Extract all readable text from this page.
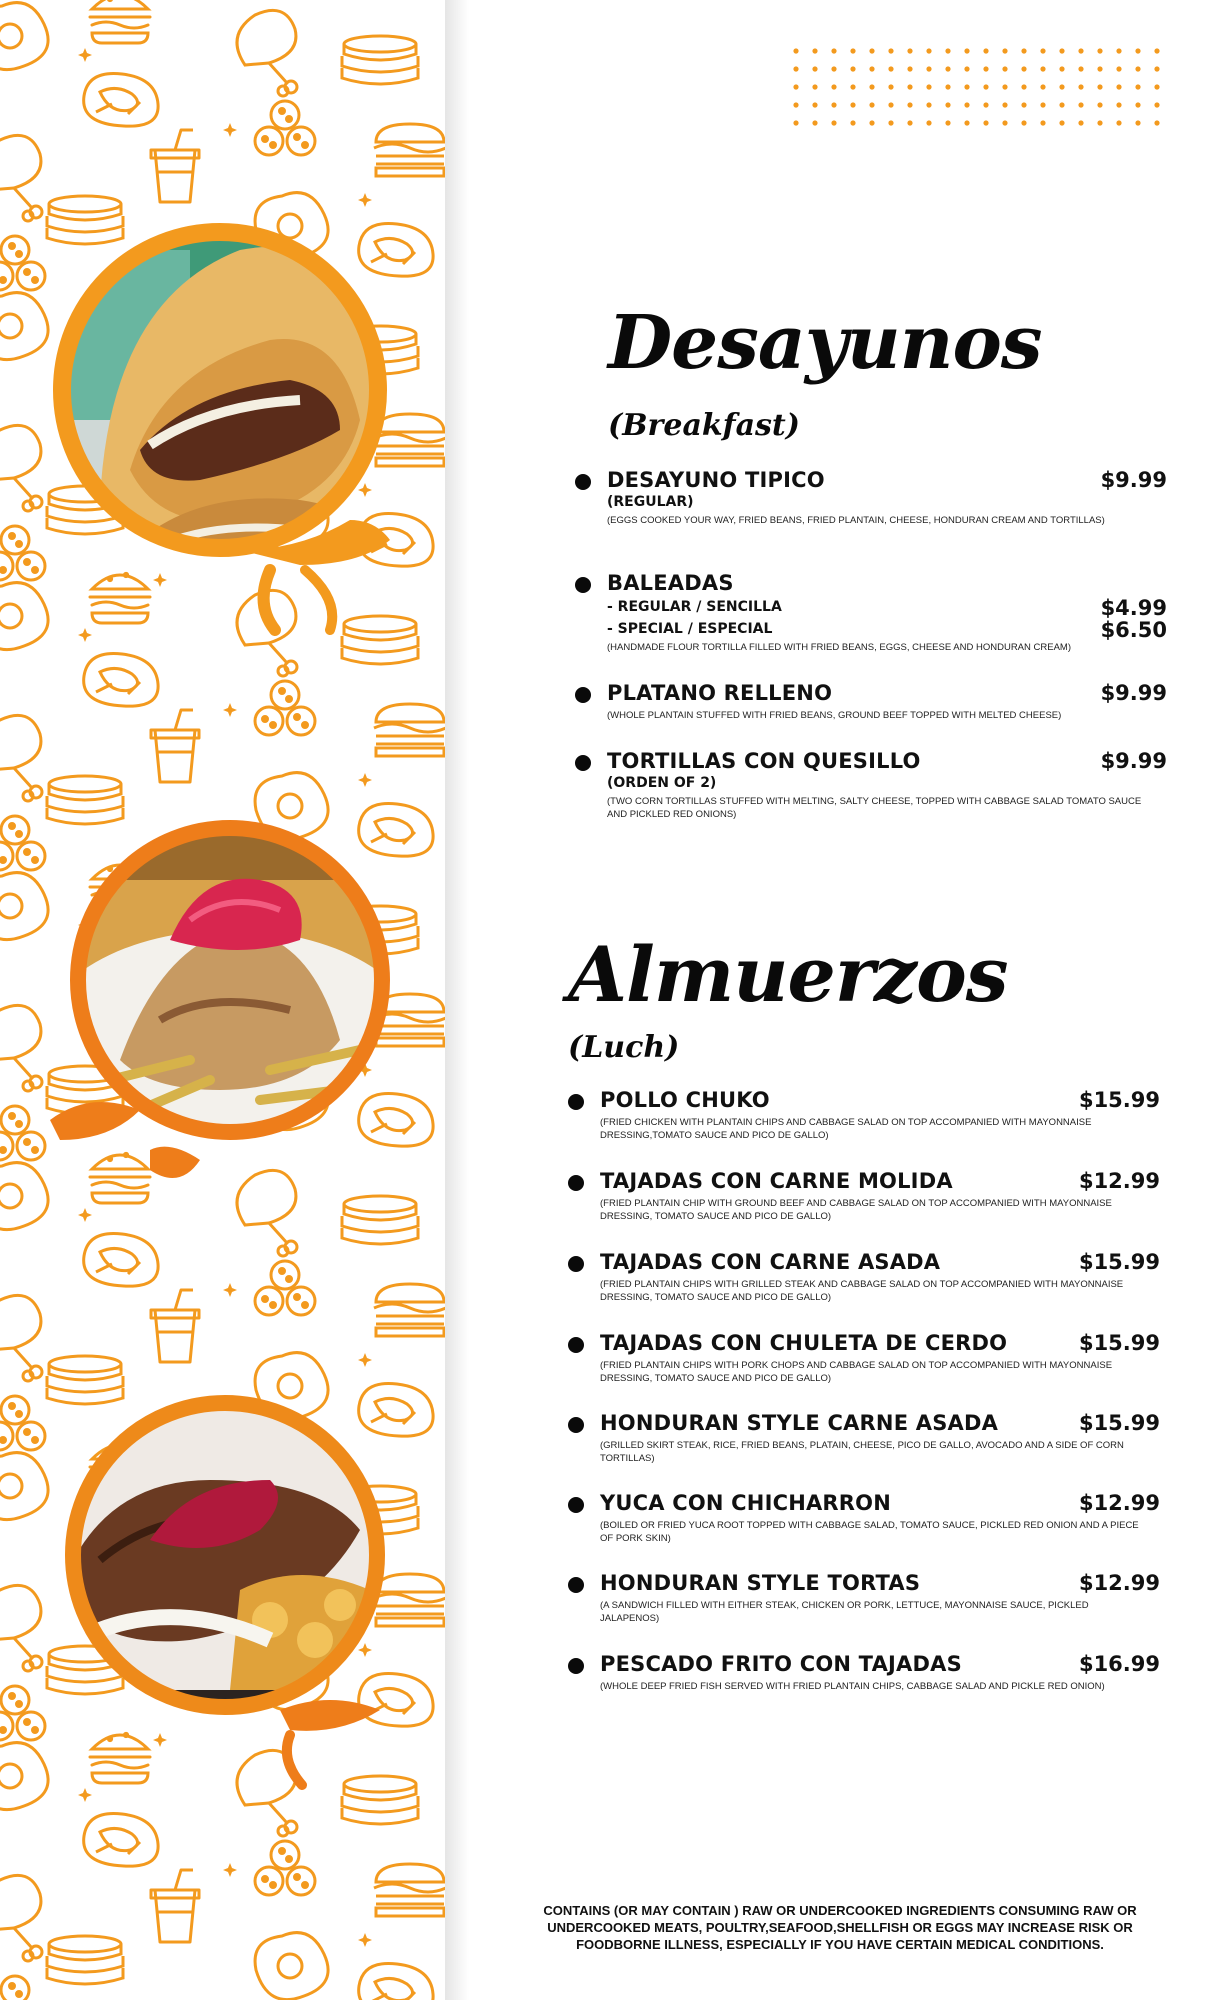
Desayunos
(Breakfast)
DESAYUNO TIPICO	$9.99
(REGULAR)
(EGGS COOKED YOUR WAY, FRIED BEANS, FRIED PLANTAIN, CHEESE, HONDURAN CREAM AND TORTILLAS)
BALEADAS
- REGULAR / SENCILLA	$4.99
- SPECIAL / ESPECIAL	$6.50
(HANDMADE FLOUR TORTILLA FILLED WITH FRIED BEANS, EGGS, CHEESE AND HONDURAN CREAM)
PLATANO RELLENO	$9.99
(WHOLE PLANTAIN STUFFED WITH FRIED BEANS, GROUND BEEF TOPPED WITH MELTED CHEESE)
TORTILLAS CON QUESILLO	$9.99
(ORDEN OF 2)
(TWO CORN TORTILLAS STUFFED WITH MELTING, SALTY CHEESE, TOPPED WITH CABBAGE SALAD TOMATO SAUCE AND PICKLED RED ONIONS)
Almuerzos
(Luch)
POLLO CHUKO	$15.99
(FRIED CHICKEN WITH PLANTAIN CHIPS AND CABBAGE SALAD ON TOP ACCOMPANIED WITH MAYONNAISE DRESSING,TOMATO SAUCE AND PICO DE GALLO)
TAJADAS CON CARNE MOLIDA	$12.99
(FRIED PLANTAIN CHIP WITH GROUND BEEF AND CABBAGE SALAD ON TOP ACCOMPANIED WITH MAYONNAISE DRESSING, TOMATO SAUCE AND PICO DE GALLO)
TAJADAS CON CARNE ASADA	$15.99
(FRIED PLANTAIN CHIPS WITH GRILLED STEAK AND CABBAGE SALAD ON TOP ACCOMPANIED WITH MAYONNAISE DRESSING, TOMATO SAUCE AND PICO DE GALLO)
TAJADAS CON CHULETA DE CERDO	$15.99
(FRIED PLANTAIN CHIPS WITH PORK CHOPS AND CABBAGE SALAD ON TOP ACCOMPANIED WITH MAYONNAISE DRESSING, TOMATO SAUCE AND PICO DE GALLO)
HONDURAN STYLE CARNE ASADA	$15.99
(GRILLED SKIRT STEAK, RICE, FRIED BEANS, PLATAIN, CHEESE, PICO DE GALLO, AVOCADO AND A SIDE OF CORN TORTILLAS)
YUCA CON CHICHARRON	$12.99
(BOILED OR FRIED YUCA ROOT TOPPED WITH CABBAGE SALAD, TOMATO SAUCE, PICKLED RED ONION AND A PIECE OF PORK SKIN)
HONDURAN STYLE TORTAS	$12.99
(A SANDWICH FILLED WITH EITHER STEAK, CHICKEN OR PORK, LETTUCE, MAYONNAISE SAUCE, PICKLED JALAPENOS)
PESCADO FRITO CON TAJADAS	$16.99
(WHOLE DEEP FRIED FISH SERVED WITH FRIED PLANTAIN CHIPS, CABBAGE SALAD AND PICKLE RED ONION)
CONTAINS (OR MAY CONTAIN ) RAW OR UNDERCOOKED INGREDIENTS CONSUMING RAW OR UNDERCOOKED MEATS, POULTRY,SEAFOOD,SHELLFISH OR EGGS MAY INCREASE RISK OR FOODBORNE ILLNESS, ESPECIALLY IF YOU HAVE CERTAIN MEDICAL CONDITIONS.
